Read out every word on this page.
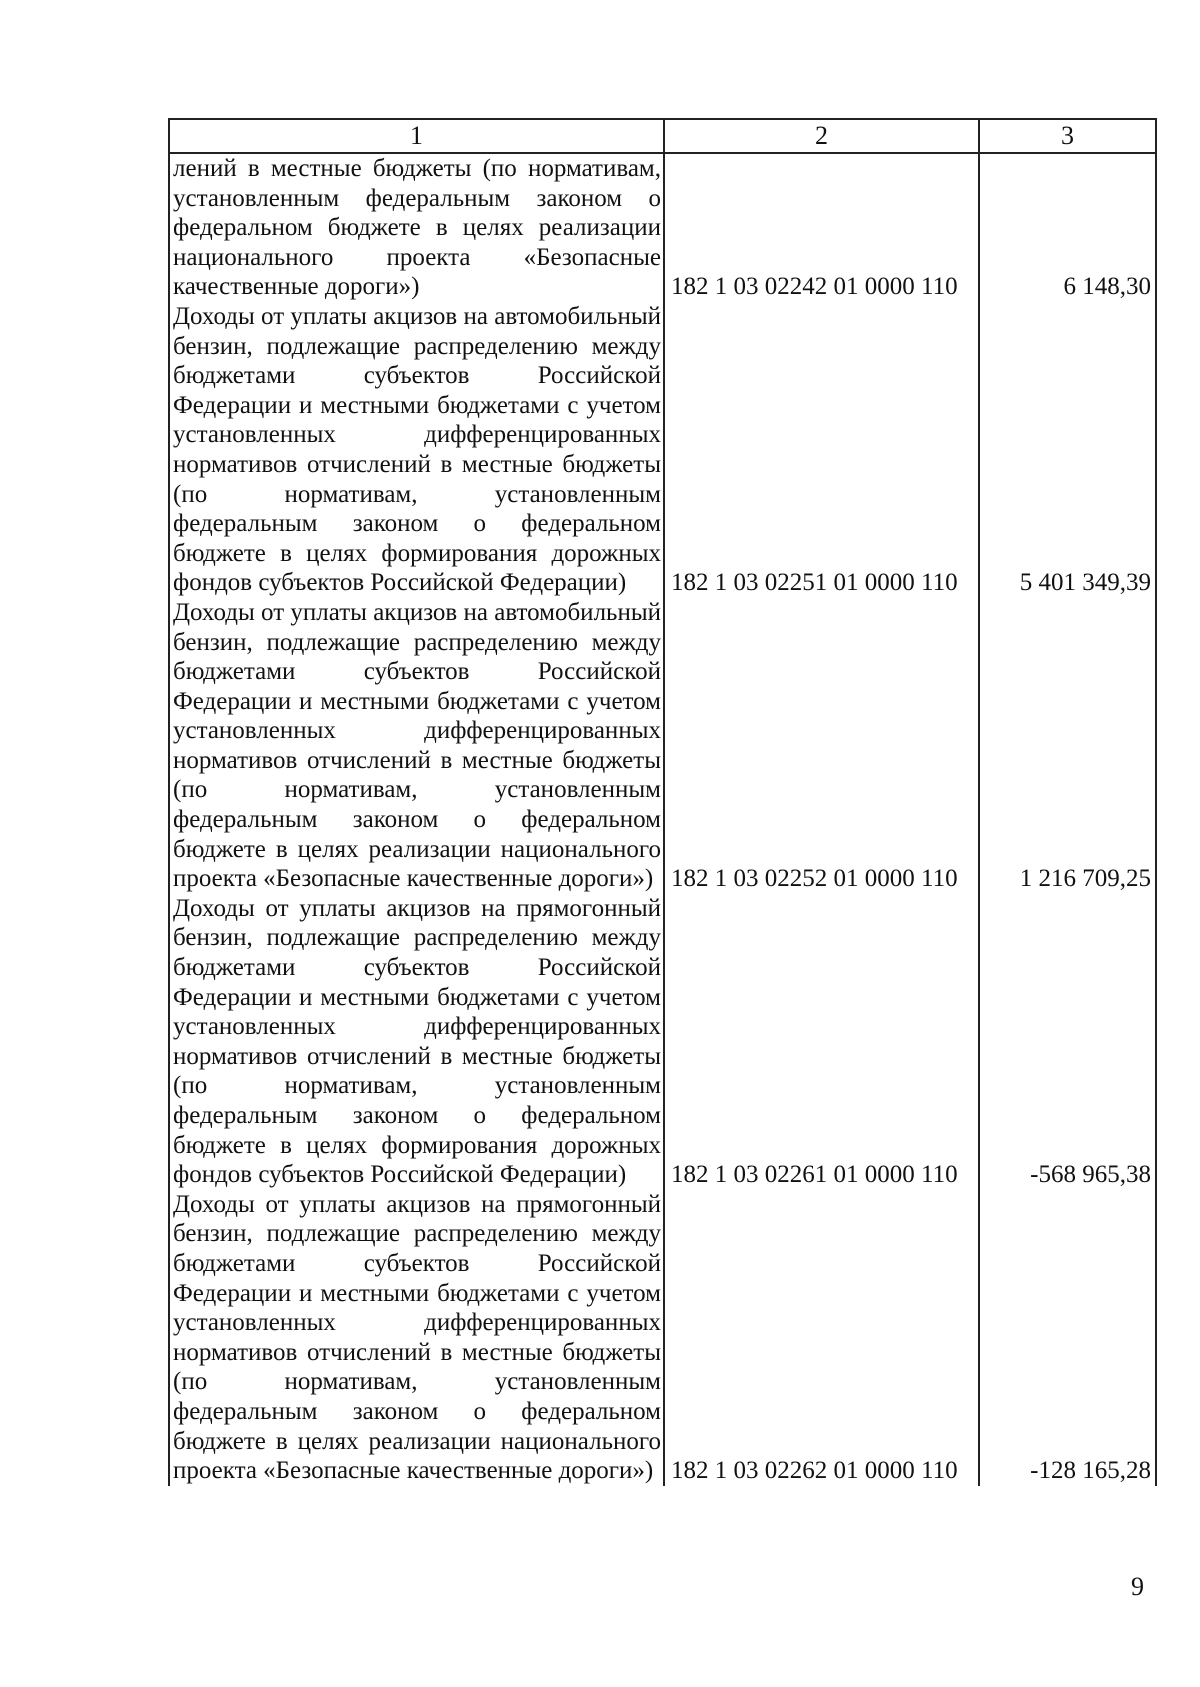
1	2	3
лений в местные бюджеты (по нормативам, установленным федеральным законом о федеральном бюджете в целях реализации национального проекта «Безопасные качественные дороги»)	182 1 03 02242 01 0000 110	6 148,30
Доходы от уплаты акцизов на автомобильный бензин, подлежащие распределению между бюджетами субъектов Российской Федерации и местными бюджетами с учетом установленных дифференцированных нормативов отчислений в местные бюджеты (по нормативам, установленным федеральным законом о федеральном бюджете в целях формирования дорожных фондов субъектов Российской Федерации)	182 1 03 02251 01 0000 110	5 401 349,39
Доходы от уплаты акцизов на автомобильный бензин, подлежащие распределению между бюджетами субъектов Российской Федерации и местными бюджетами с учетом установленных дифференцированных нормативов отчислений в местные бюджеты (по нормативам, установленным федеральным законом о федеральном бюджете в целях реализации национального проекта «Безопасные качественные дороги»)	182 1 03 02252 01 0000 110	1 216 709,25
Доходы от уплаты акцизов на прямогонный бензин, подлежащие распределению между бюджетами субъектов Российской Федерации и местными бюджетами с учетом установленных дифференцированных нормативов отчислений в местные бюджеты (по нормативам, установленным федеральным законом о федеральном бюджете в целях формирования дорожных фондов субъектов Российской Федерации)	182 1 03 02261 01 0000 110	-568 965,38
Доходы от уплаты акцизов на прямогонный бензин, подлежащие распределению между бюджетами субъектов Российской Федерации и местными бюджетами с учетом установленных дифференцированных нормативов отчислений в местные бюджеты (по нормативам, установленным федеральным законом о федеральном бюджете в целях реализации национального проекта «Безопасные качественные дороги»)	182 1 03 02262 01 0000 110	-128 165,28
9
